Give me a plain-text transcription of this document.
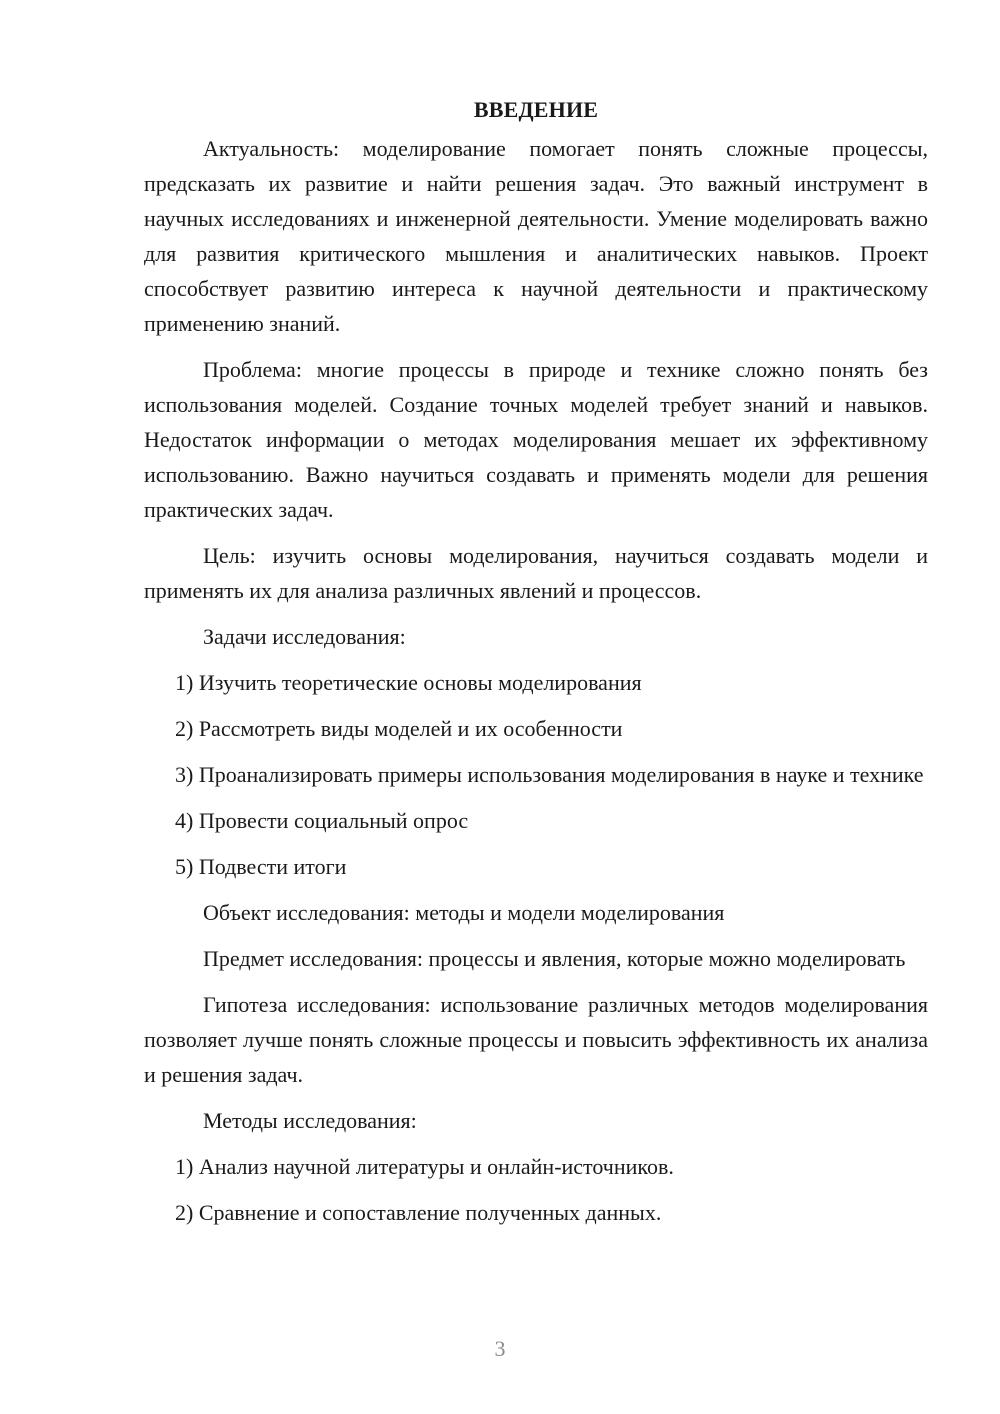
ВВЕДЕНИЕ

Актуальность: моделирование помогает понять сложные процессы, предсказать их развитие и найти решения задач. Это важный инструмент в научных исследованиях и инженерной деятельности. Умение моделировать важно для развития критического мышления и аналитических навыков. Проект способствует развитию интереса к научной деятельности и практическому применению знаний.

Проблема: многие процессы в природе и технике сложно понять без использования моделей. Создание точных моделей требует знаний и навыков. Недостаток информации о методах моделирования мешает их эффективному использованию. Важно научиться создавать и применять модели для решения практических задач.

Цель: изучить основы моделирования, научиться создавать модели и применять их для анализа различных явлений и процессов.

Задачи исследования:

1) Изучить теоретические основы моделирования

2) Рассмотреть виды моделей и их особенности

3) Проанализировать примеры использования моделирования в науке и технике

4) Провести социальный опрос

5) Подвести итоги

Объект исследования: методы и модели моделирования

Предмет исследования: процессы и явления, которые можно моделировать

Гипотеза исследования: использование различных методов моделирования позволяет лучше понять сложные процессы и повысить эффективность их анализа и решения задач.

Методы исследования:

1) Анализ научной литературы и онлайн-источников.

2) Сравнение и сопоставление полученных данных.

3
